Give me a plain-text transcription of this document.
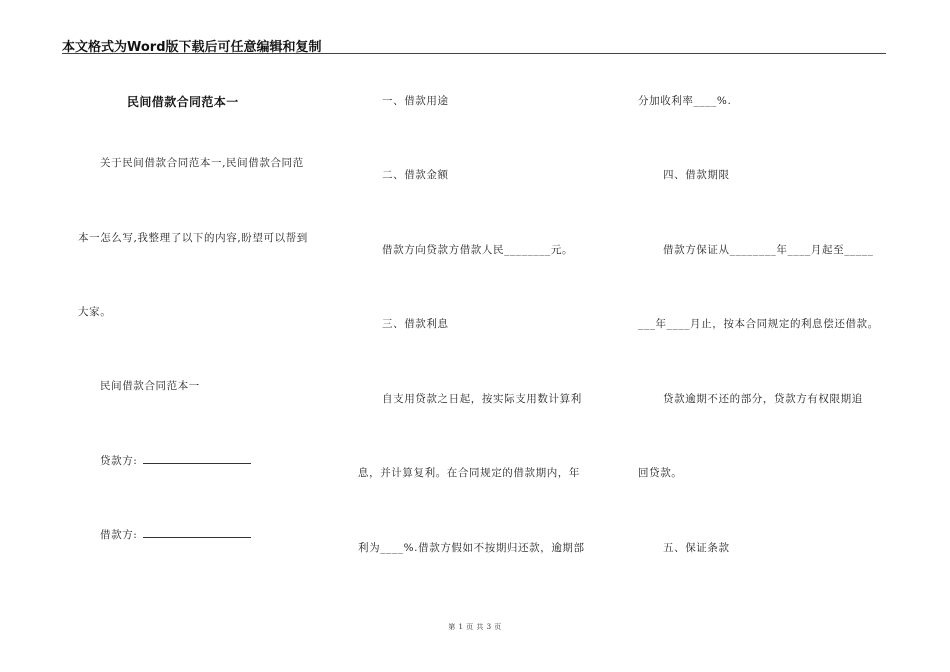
本文格式为Word版下载后可任意编辑和复制
民间借款合同范本一
关于民间借款合同范本一,民间借款合同范
本一怎么写,我整理了以下的内容,盼望可以帮到
大家。
民间借款合同范本一
贷款方:
借款方:
一、借款用途
二、借款金额
借款方向贷款方借款人民________元。
三、借款利息
自支用贷款之日起，按实际支用数计算利
息，并计算复利。在合同规定的借款期内，年
利为____%.借款方假如不按期归还款，逾期部
分加收利率____%.
四、借款期限
借款方保证从________年____月起至_____
___年____月止，按本合同规定的利息偿还借款。
贷款逾期不还的部分，贷款方有权限期追
回贷款。
五、保证条款
第 1 页 共 3 页
